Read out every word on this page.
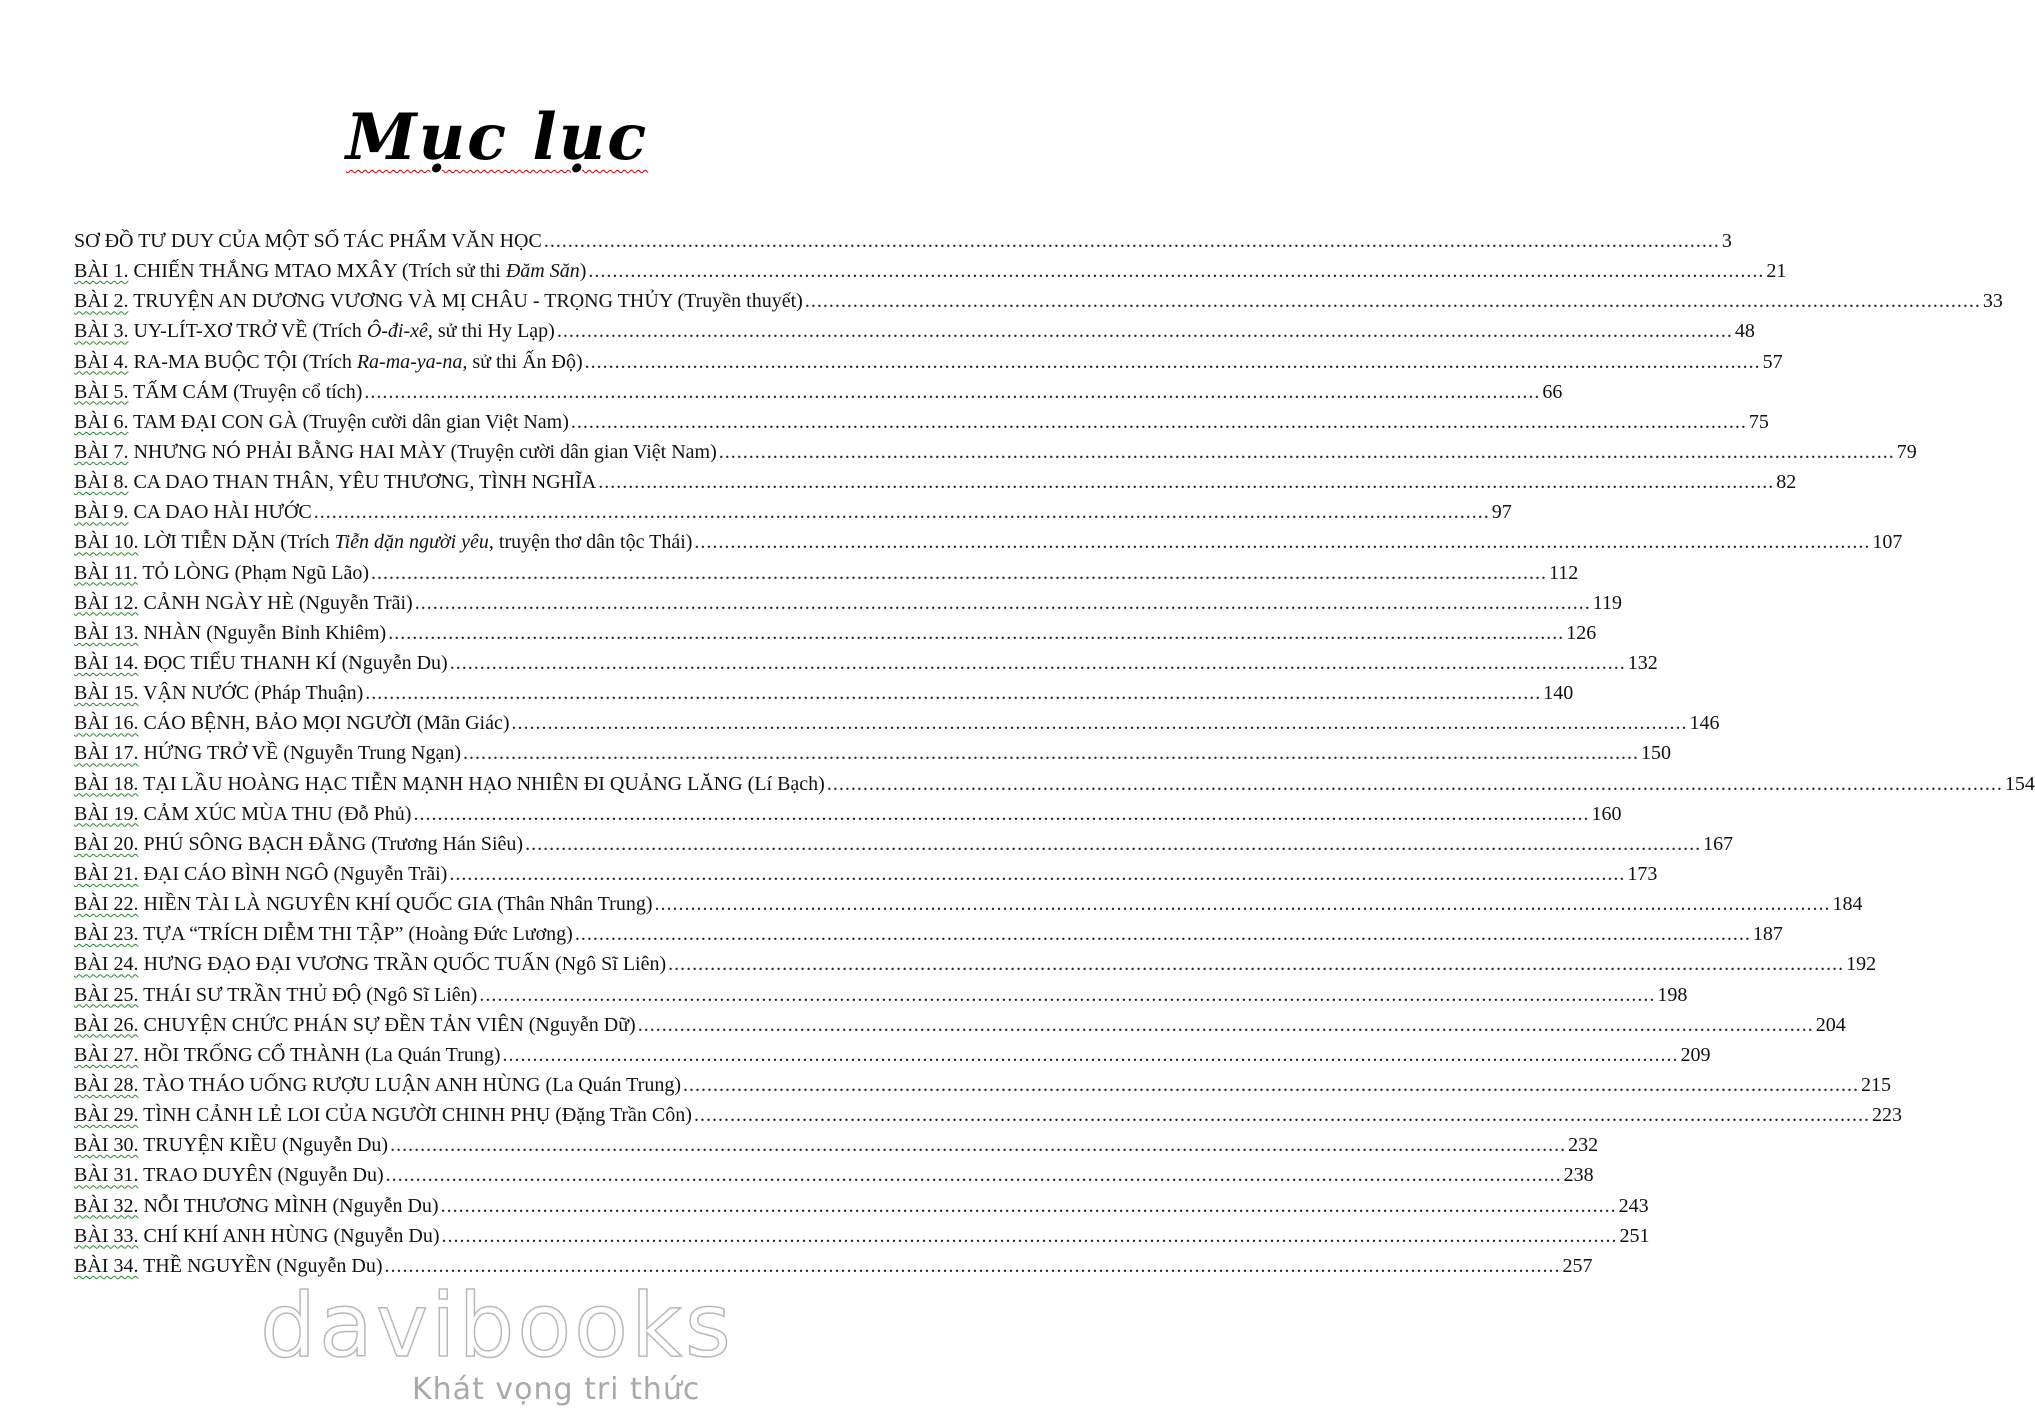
Mục lục
SƠ ĐỒ TƯ DUY CỦA MỘT SỐ TÁC PHẨM VĂN HỌC .....	3
BÀI 1. CHIẾN THẮNG MTAO MXÂY (Trích sử thi Đăm Săn) .....	21
BÀI 2. TRUYỆN AN DƯƠNG VƯƠNG VÀ MỊ CHÂU - TRỌNG THỦY (Truyền thuyết) .....	33
BÀI 3. UY-LÍT-XƠ TRỞ VỀ (Trích Ô-đi-xê, sử thi Hy Lạp) .....	48
BÀI 4. RA-MA BUỘC TỘI (Trích Ra-ma-ya-na, sử thi Ấn Độ) .....	57
BÀI 5. TẤM CÁM (Truyện cổ tích) .....	66
BÀI 6. TAM ĐẠI CON GÀ (Truyện cười dân gian Việt Nam) .....	75
BÀI 7. NHƯNG NÓ PHẢI BẰNG HAI MÀY (Truyện cười dân gian Việt Nam) .....	79
BÀI 8. CA DAO THAN THÂN, YÊU THƯƠNG, TÌNH NGHĨA .....	82
BÀI 9. CA DAO HÀI HƯỚC .....	97
BÀI 10. LỜI TIỄN DẶN (Trích Tiễn dặn người yêu, truyện thơ dân tộc Thái) .....	107
BÀI 11. TỎ LÒNG (Phạm Ngũ Lão) .....	112
BÀI 12. CẢNH NGÀY HÈ (Nguyễn Trãi) .....	119
BÀI 13. NHÀN (Nguyễn Bỉnh Khiêm) .....	126
BÀI 14. ĐỌC TIỂU THANH KÍ (Nguyễn Du) .....	132
BÀI 15. VẬN NƯỚC (Pháp Thuận) .....	140
BÀI 16. CÁO BỆNH, BẢO MỌI NGƯỜI (Mãn Giác) .....	146
BÀI 17. HỨNG TRỞ VỀ (Nguyễn Trung Ngạn) .....	150
BÀI 18. TẠI LẦU HOÀNG HẠC TIỄN MẠNH HẠO NHIÊN ĐI QUẢNG LĂNG (Lí Bạch) .....	154
BÀI 19. CẢM XÚC MÙA THU (Đỗ Phủ) .....	160
BÀI 20. PHÚ SÔNG BẠCH ĐẰNG (Trương Hán Siêu) .....	167
BÀI 21. ĐẠI CÁO BÌNH NGÔ (Nguyễn Trãi) .....	173
BÀI 22. HIỀN TÀI LÀ NGUYÊN KHÍ QUỐC GIA (Thân Nhân Trung) .....	184
BÀI 23. TỰA “TRÍCH DIỄM THI TẬP” (Hoàng Đức Lương) .....	187
BÀI 24. HƯNG ĐẠO ĐẠI VƯƠNG TRẦN QUỐC TUẤN (Ngô Sĩ Liên) .....	192
BÀI 25. THÁI SƯ TRẦN THỦ ĐỘ (Ngô Sĩ Liên) .....	198
BÀI 26. CHUYỆN CHỨC PHÁN SỰ ĐỀN TẢN VIÊN (Nguyễn Dữ) .....	204
BÀI 27. HỒI TRỐNG CỔ THÀNH (La Quán Trung) .....	209
BÀI 28. TÀO THÁO UỐNG RƯỢU LUẬN ANH HÙNG (La Quán Trung) .....	215
BÀI 29. TÌNH CẢNH LẺ LOI CỦA NGƯỜI CHINH PHỤ (Đặng Trần Côn) .....	223
BÀI 30. TRUYỆN KIỀU (Nguyễn Du) .....	232
BÀI 31. TRAO DUYÊN (Nguyễn Du) .....	238
BÀI 32. NỖI THƯƠNG MÌNH (Nguyễn Du) .....	243
BÀI 33. CHÍ KHÍ ANH HÙNG (Nguyễn Du) .....	251
BÀI 34. THỀ NGUYỀN (Nguyễn Du) .....	257
davibooks
Khát vọng tri thức
